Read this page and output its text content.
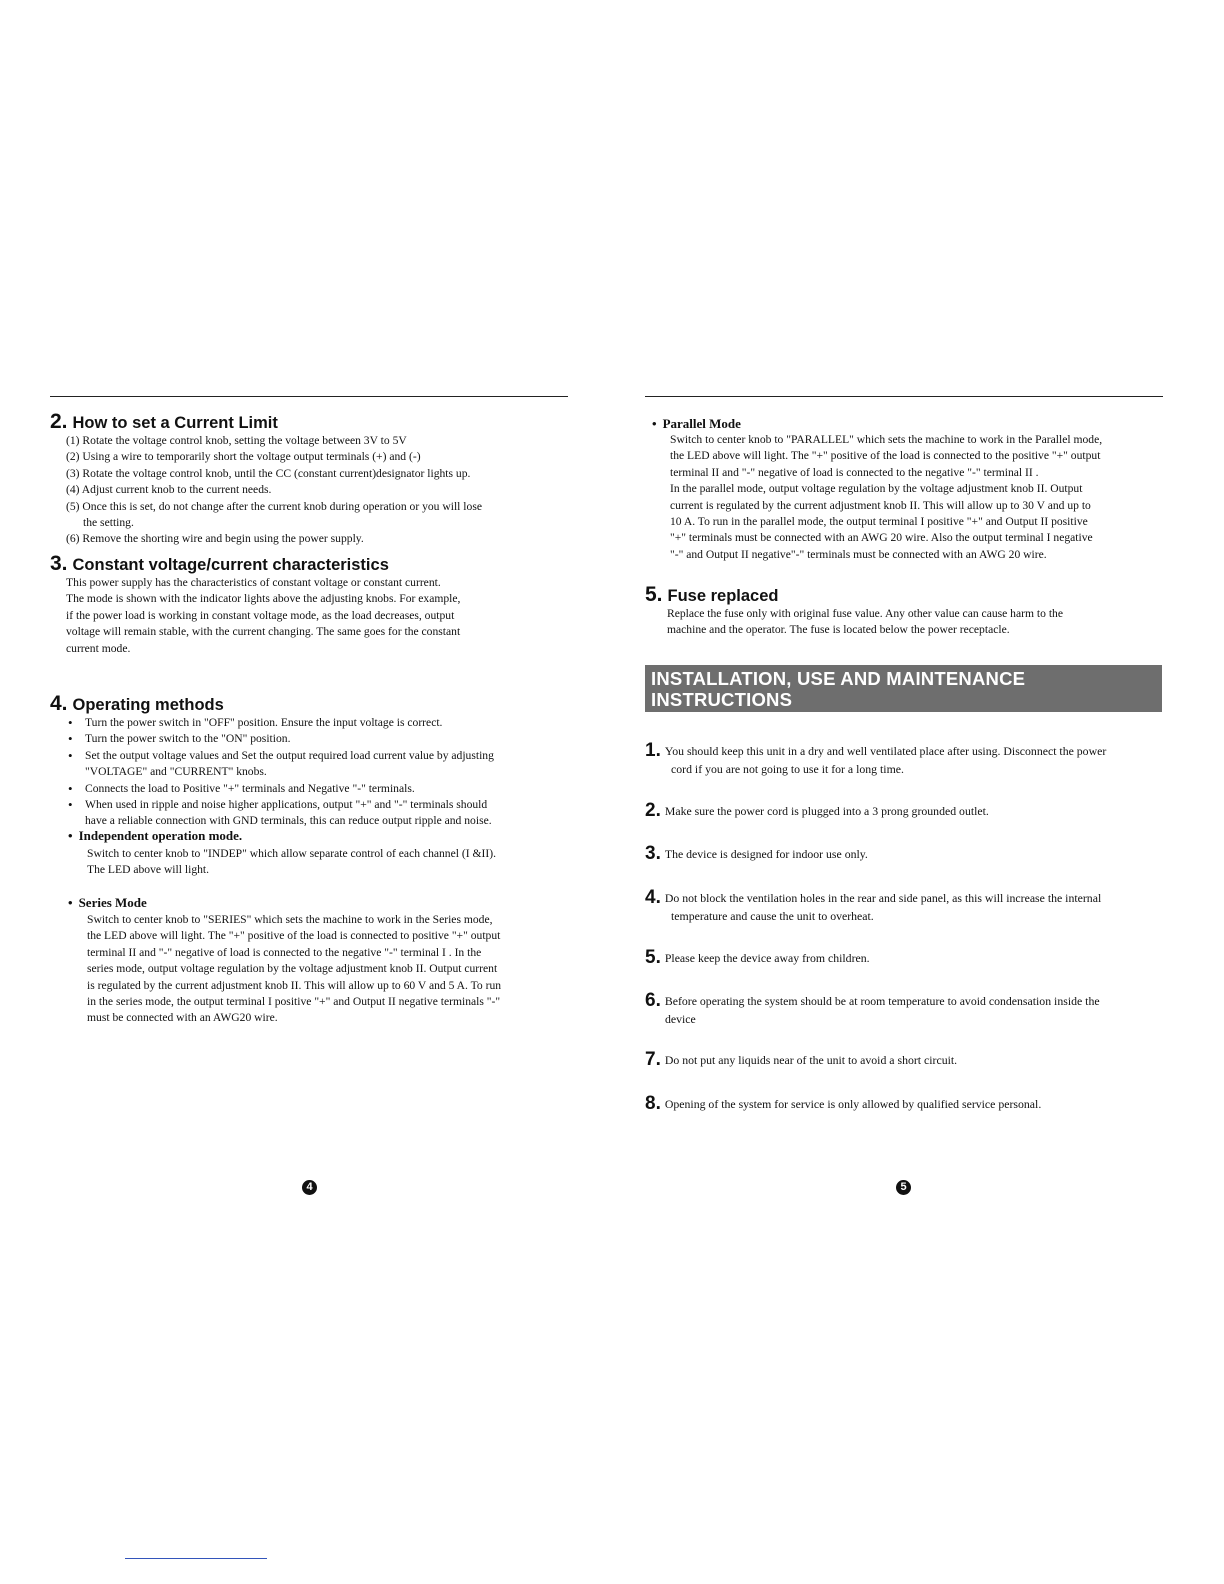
2. How to set a Current Limit
(1) Rotate the voltage control knob, setting the voltage between 3V to 5V
(2) Using a wire to temporarily short the voltage output terminals (+) and (-)
(3) Rotate the voltage control knob, until the CC (constant current)designator lights up.
(4) Adjust current knob to the current needs.
(5) Once this is set, do not change after the current knob during operation or you will lose
the setting.
(6) Remove the shorting wire and begin using the power supply.
3. Constant voltage/current characteristics
This power supply has the characteristics of constant voltage or constant current.
The mode is shown with the indicator lights above the adjusting knobs. For example,
if the power load is working in constant voltage mode, as the load decreases, output
voltage will remain stable, with the current changing. The same goes for the constant
current mode.
4. Operating methods
• Turn the power switch in "OFF" position. Ensure the input voltage is correct.
• Turn the power switch to the "ON" position.
• Set the output voltage values and Set the output required load current value by adjusting
"VOLTAGE" and "CURRENT" knobs.
• Connects the load to Positive "+" terminals and Negative "-" terminals.
• When used in ripple and noise higher applications, output "+" and "-" terminals should
have a reliable connection with GND terminals, this can reduce output ripple and noise.
• Independent operation mode.
Switch to center knob to "INDEP" which allow separate control of each channel (I &II).
The LED above will light.
• Series Mode
Switch to center knob to "SERIES" which sets the machine to work in the Series mode,
the LED above will light. The "+" positive of the load is connected to positive "+" output
terminal II and "-" negative of load is connected to the negative "-" terminal I . In the
series mode, output voltage regulation by the voltage adjustment knob II. Output current
is regulated by the current adjustment knob II. This will allow up to 60 V and 5 A. To run
in the series mode, the output terminal I positive "+" and Output II negative terminals "-"
must be connected with an AWG20 wire.
4
• Parallel Mode
Switch to center knob to "PARALLEL" which sets the machine to work in the Parallel mode,
the LED above will light. The "+" positive of the load is connected to the positive "+" output
terminal II and "-" negative of load is connected to the negative "-" terminal II .
In the parallel mode, output voltage regulation by the voltage adjustment knob II. Output
current is regulated by the current adjustment knob II. This will allow up to 30 V and up to
10 A. To run in the parallel mode, the output terminal I positive "+" and Output II positive
"+" terminals must be connected with an AWG 20 wire. Also the output terminal I negative
"-" and Output II negative"-" terminals must be connected with an AWG 20 wire.
5. Fuse replaced
Replace the fuse only with original fuse value. Any other value can cause harm to the
machine and the operator. The fuse is located below the power receptacle.
INSTALLATION, USE AND MAINTENANCE
INSTRUCTIONS
1. You should keep this unit in a dry and well ventilated place after using. Disconnect the power
cord if you are not going to use it for a long time.
2. Make sure the power cord is plugged into a 3 prong grounded outlet.
3. The device is designed for indoor use only.
4. Do not block the ventilation holes in the rear and side panel, as this will increase the internal
temperature and cause the unit to overheat.
5. Please keep the device away from children.
6. Before operating the system should be at room temperature to avoid condensation inside the
device
7. Do not put any liquids near of the unit to avoid a short circuit.
8. Opening of the system for service is only allowed by qualified service personal.
5
